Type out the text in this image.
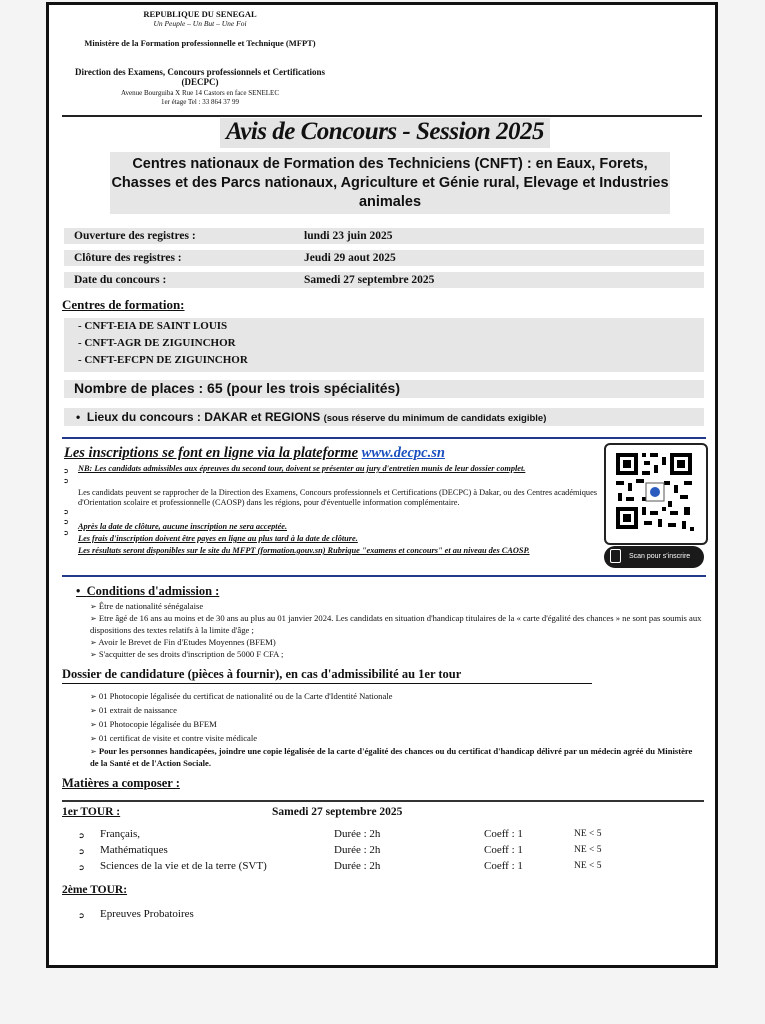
REPUBLIQUE DU SENEGAL
Un Peuple – Un But – Une Foi
Ministère de la Formation professionnelle et Technique (MFPT)
Direction des Examens, Concours professionnels et Certifications (DECPC)
Avenue Bourguiba X Rue 14 Castors en face SENELEC
1er étage Tel : 33 864 37 99
Avis de Concours - Session 2025
Centres nationaux de Formation des Techniciens (CNFT) : en Eaux, Forets, Chasses et des Parcs nationaux, Agriculture et Génie rural, Elevage et Industries animales
Ouverture des registres :	lundi 23 juin 2025
Clôture des registres :	Jeudi 29 aout 2025
Date du concours :	Samedi 27 septembre 2025
Centres de formation:
- CNFT-EIA DE SAINT LOUIS
- CNFT-AGR DE ZIGUINCHOR
- CNFT-EFCPN DE ZIGUINCHOR
Nombre de places : 65 (pour les trois spécialités)
•  Lieux du concours : DAKAR et REGIONS (sous réserve du minimum de candidats exigible)
Les inscriptions se font en ligne via la plateforme www.decpc.sn
NB: Les candidats admissibles aux épreuves du second tour, doivent se présenter au jury d'entretien munis de leur dossier complet.
Les candidats peuvent se rapprocher de la Direction des Examens, Concours professionnels et Certifications (DECPC) à Dakar, ou des Centres académiques d'Orientation scolaire et professionnelle (CAOSP) dans les régions, pour d'éventuelle information complémentaire.
Après la date de clôture, aucune inscription ne sera acceptée.
Les frais d'inscription doivent être payes en ligne au plus tard à la date de clôture.
Les résultats seront disponibles sur le site du MFPT (formation.gouv.sn) Rubrique "examens et concours" et au niveau des CAOSP.
➲
➲

➲
➲
➲
Scan pour s'inscrire
•  Conditions d'admission :
➢ Être de nationalité sénégalaise
➢ Etre âgé de 16 ans au moins et de 30 ans au plus au 01 janvier 2024. Les candidats en situation d'handicap titulaires de la « carte d'égalité des chances » ne sont pas soumis aux dispositions des textes relatifs à la limite d'âge ;
➢ Avoir le Brevet de Fin d'Etudes Moyennes (BFEM)
➢ S'acquitter de ses droits d'inscription de 5000 F CFA ;
Dossier de candidature (pièces à fournir), en cas d'admissibilité au 1er tour
➢ 01 Photocopie légalisée du certificat de nationalité ou de la Carte d'Identité Nationale
➢ 01 extrait de naissance
➢ 01 Photocopie légalisée du BFEM
➢ 01 certificat de visite et contre visite médicale
➢ Pour les personnes handicapées, joindre une copie légalisée de la carte d'égalité des chances ou du certificat d'handicap délivré par un médecin agréé du Ministère de la Santé et de l'Action Sociale.
Matières a composer :
1er TOUR :	Samedi 27 septembre 2025
➲ Français,	Durée : 2h	Coeff : 1	NE < 5
➲ Mathématiques	Durée : 2h	Coeff : 1	NE < 5
➲ Sciences de la vie et de la terre (SVT)	Durée : 2h	Coeff : 1	NE < 5
2ème TOUR:
➲ Epreuves Probatoires
